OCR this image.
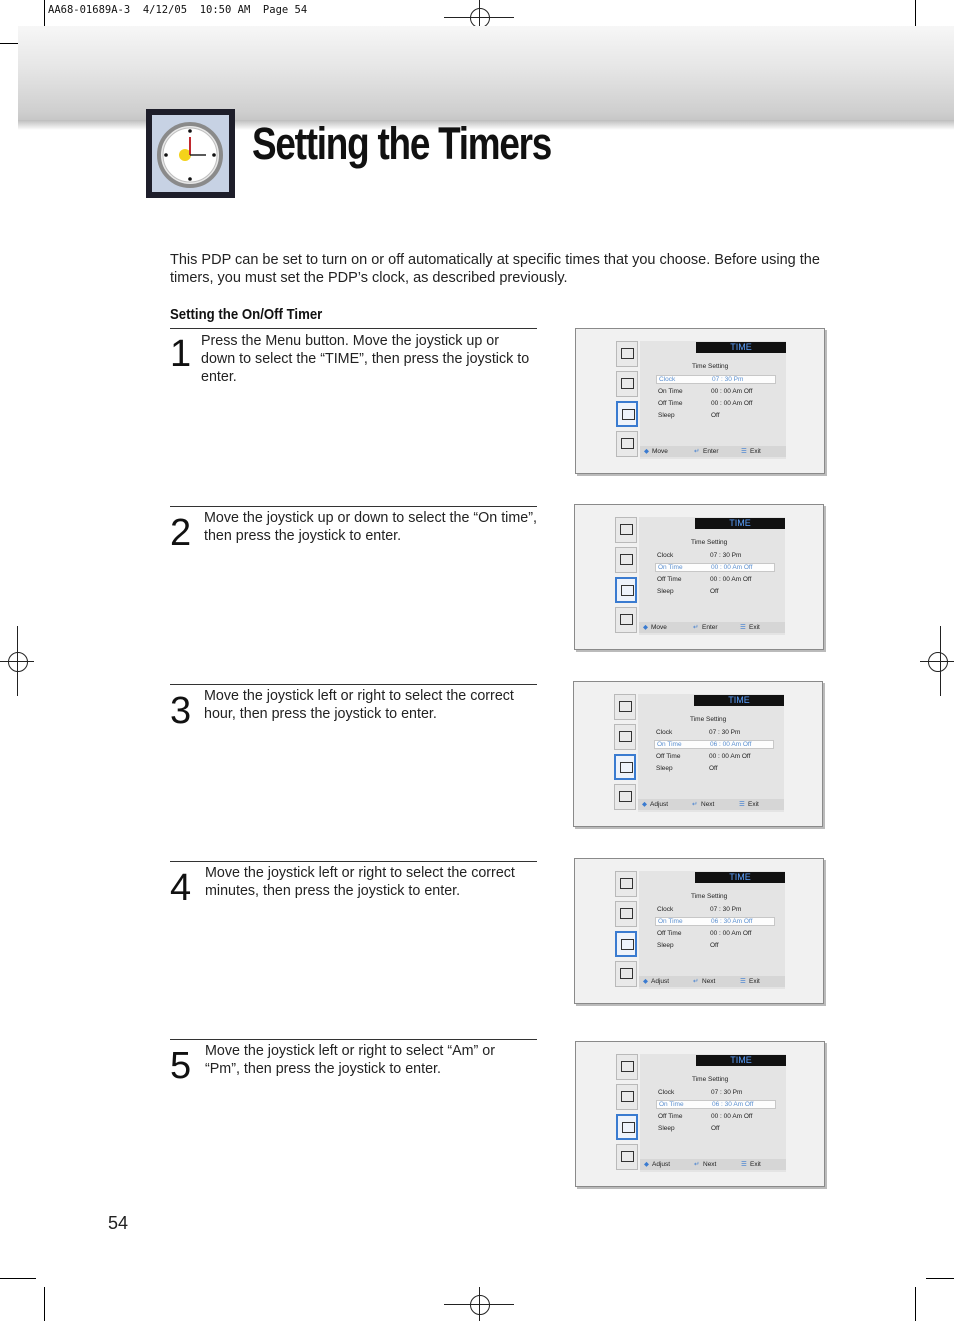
AA68-01689A-3  4/12/05  10:50 AM  Page 54
Setting the Timers
This PDP can be set to turn on or off automatically at specific times that you choose. Before using the timers, you must set the PDP’s clock, as described previously.
Setting the On/Off Timer
1 Press the Menu button. Move the joystick up or down to select the “TIME”, then press the joystick to enter.
2 Move the joystick up or down to select the “On time”, then press the joystick to enter.
3 Move the joystick left or right to select the correct hour, then press the joystick to enter.
4 Move the joystick left or right to select the correct minutes, then press the joystick to enter.
5 Move the joystick left or right to select “Am” or “Pm”, then press the joystick to enter.
TIME
Time Setting
Clock	07 : 30 Pm
On Time	00 : 00 Am Off
Off Time	00 : 00 Am Off
Sleep	Off
◆ Move	↵ Enter	☰ Exit
TIME
Time Setting
Clock	07 : 30 Pm
On Time	00 : 00 Am Off
Off Time	00 : 00 Am Off
Sleep	Off
◆ Move	↵ Enter	☰ Exit
TIME
Time Setting
Clock	07 : 30 Pm
On Time	06 : 00 Am Off
Off Time	00 : 00 Am Off
Sleep	Off
◆ Adjust	↵ Next	☰ Exit
TIME
Time Setting
Clock	07 : 30 Pm
On Time	06 : 30 Am Off
Off Time	00 : 00 Am Off
Sleep	Off
◆ Adjust	↵ Next	☰ Exit
TIME
Time Setting
Clock	07 : 30 Pm
On Time	06 : 30 Am Off
Off Time	00 : 00 Am Off
Sleep	Off
◆ Adjust	↵ Next	☰ Exit
54
